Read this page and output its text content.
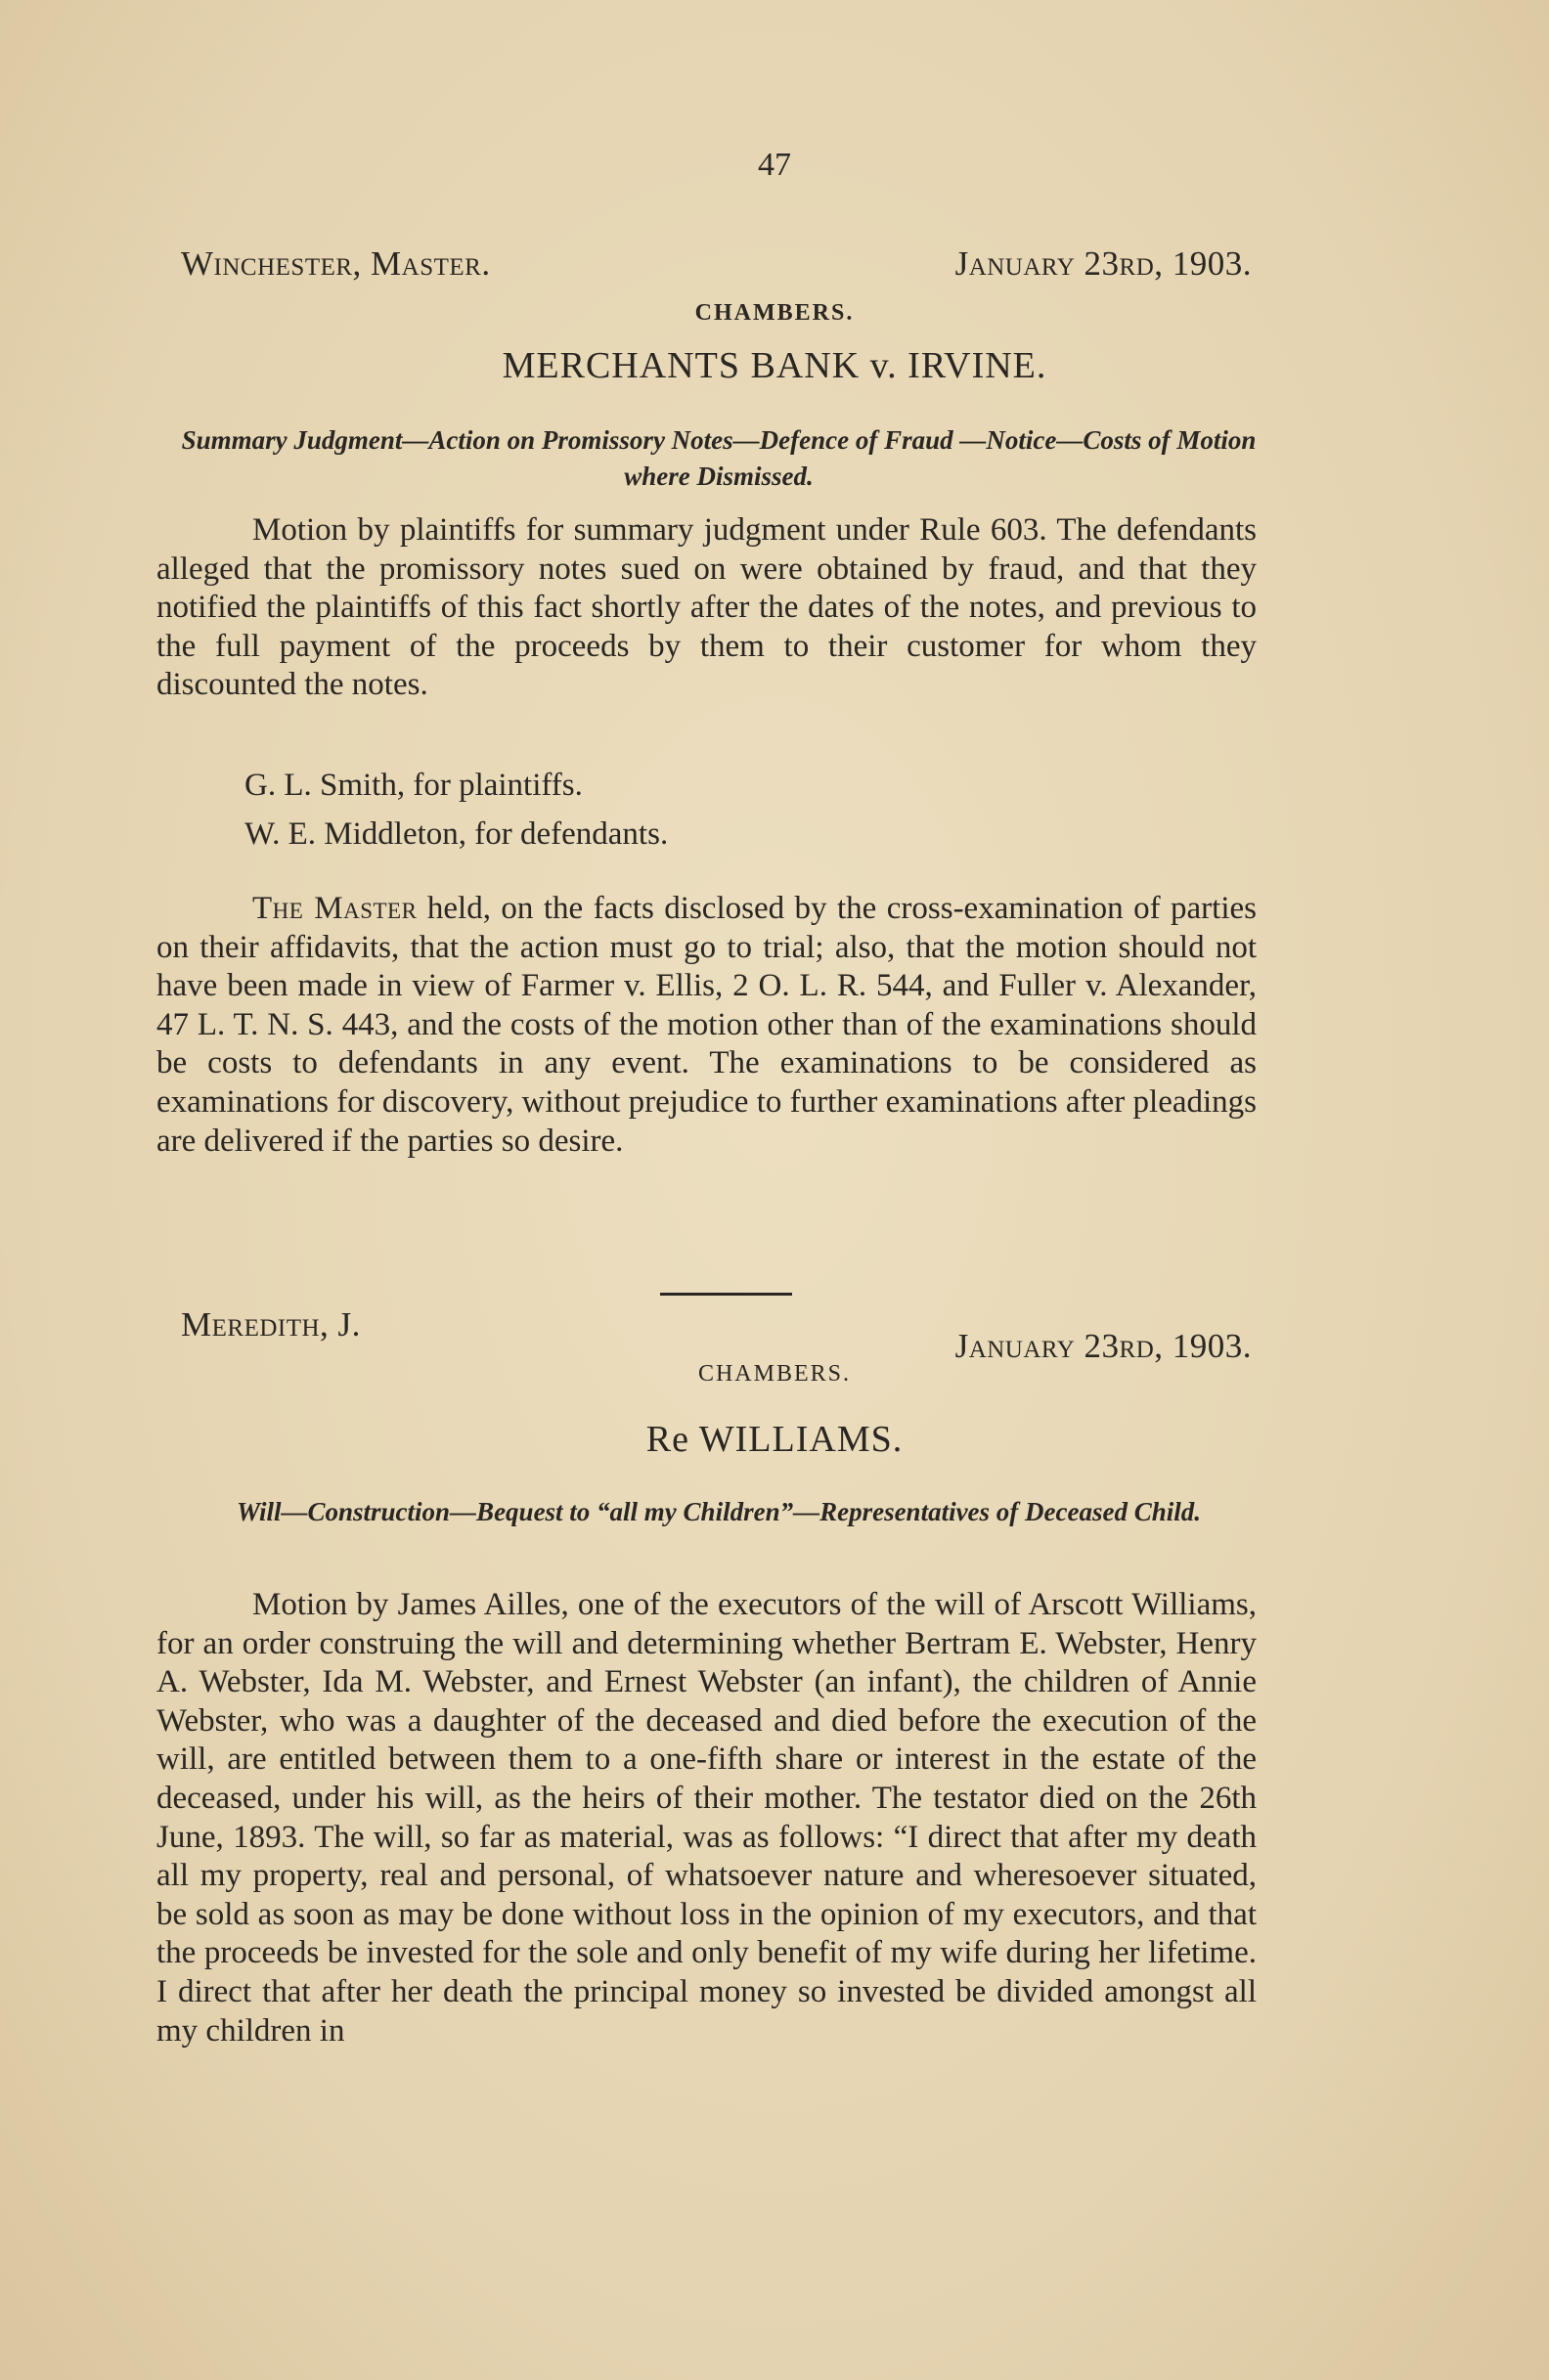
47
Winchester, Master.	January 23rd, 1903.
CHAMBERS.
MERCHANTS BANK v. IRVINE.
Summary Judgment—Action on Promissory Notes—Defence of Fraud —Notice—Costs of Motion where Dismissed.
Motion by plaintiffs for summary judgment under Rule 603. The defendants alleged that the promissory notes sued on were obtained by fraud, and that they notified the plaintiffs of this fact shortly after the dates of the notes, and previous to the full payment of the proceeds by them to their customer for whom they discounted the notes.
G. L. Smith, for plaintiffs.
W. E. Middleton, for defendants.
The Master held, on the facts disclosed by the cross-examination of parties on their affidavits, that the action must go to trial; also, that the motion should not have been made in view of Farmer v. Ellis, 2 O. L. R. 544, and Fuller v. Alexander, 47 L. T. N. S. 443, and the costs of the motion other than of the examinations should be costs to defendants in any event. The examinations to be considered as examinations for discovery, without prejudice to further examinations after pleadings are delivered if the parties so desire.
Meredith, J.
January 23rd, 1903.
CHAMBERS.
Re WILLIAMS.
Will—Construction—Bequest to “all my Children”—Representatives of Deceased Child.
Motion by James Ailles, one of the executors of the will of Arscott Williams, for an order construing the will and determining whether Bertram E. Webster, Henry A. Webster, Ida M. Webster, and Ernest Webster (an infant), the children of Annie Webster, who was a daughter of the deceased and died before the execution of the will, are entitled between them to a one-fifth share or interest in the estate of the deceased, under his will, as the heirs of their mother. The testator died on the 26th June, 1893. The will, so far as material, was as follows: “I direct that after my death all my property, real and personal, of whatsoever nature and wheresoever situated, be sold as soon as may be done without loss in the opinion of my executors, and that the proceeds be invested for the sole and only benefit of my wife during her lifetime. I direct that after her death the principal money so invested be divided amongst all my children in
